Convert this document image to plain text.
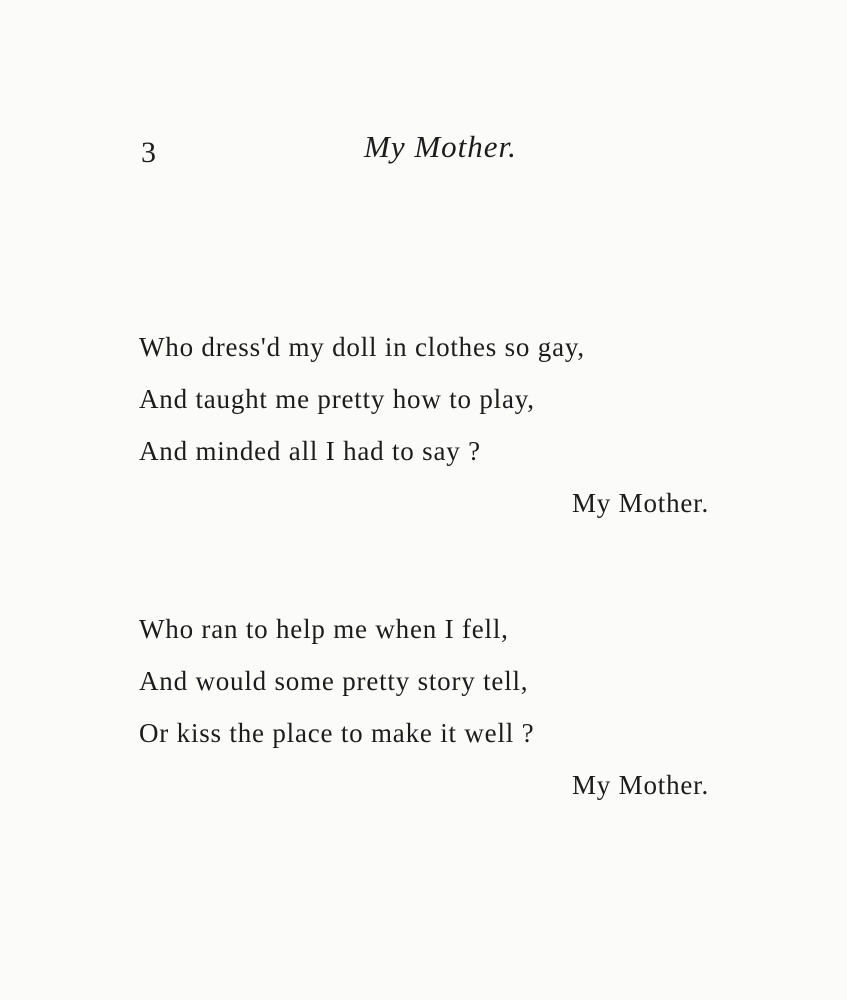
3	My Mother.
Who dress'd my doll in clothes so gay,
And taught me pretty how to play,
And minded all I had to say ?
My Mother.
Who ran to help me when I fell,
And would some pretty story tell,
Or kiss the place to make it well ?
My Mother.
